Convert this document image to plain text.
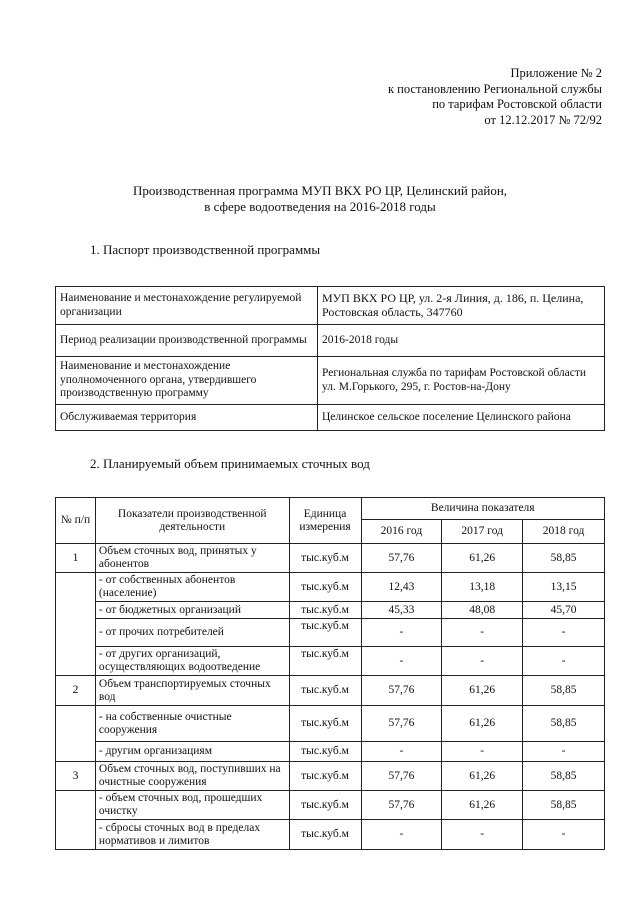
Приложение № 2
к постановлению Региональной службы
по тарифам Ростовской области
от 12.12.2017 № 72/92
Производственная программа МУП ВКХ РО ЦР, Целинский район,
в сфере водоотведения на 2016-2018 годы
1. Паспорт производственной программы
Наименование и местонахождение регулируемой организации	МУП ВКХ РО ЦР, ул. 2-я Линия, д. 186, п. Целина, Ростовская область, 347760
Период реализации производственной программы	2016-2018 годы
Наименование и местонахождение уполномоченного органа, утвердившего производственную программу	Региональная служба по тарифам Ростовской области ул. М.Горького, 295, г. Ростов-на-Дону
Обслуживаемая территория	Целинское сельское поселение Целинского района
2. Планируемый объем принимаемых сточных вод
№ п/п	Показатели производственной деятельности	Единица измерения	Величина показателя		
			2016 год	2017 год	2018 год
1	Объем сточных вод, принятых у абонентов	тыс.куб.м	57,76	61,26	58,85
	- от собственных абонентов (население)	тыс.куб.м	12,43	13,18	13,15
	- от бюджетных организаций	тыс.куб.м	45,33	48,08	45,70
	- от прочих потребителей	тыс.куб.м	-	-	-
	- от других организаций, осуществляющих водоотведение	тыс.куб.м	-	-	-
2	Объем транспортируемых сточных вод	тыс.куб.м	57,76	61,26	58,85
	- на собственные очистные сооружения	тыс.куб.м	57,76	61,26	58,85
	- другим организациям	тыс.куб.м	-	-	-
3	Объем сточных вод, поступивших на очистные сооружения	тыс.куб.м	57,76	61,26	58,85
	- объем сточных вод, прошедших очистку	тыс.куб.м	57,76	61,26	58,85
	- сбросы сточных вод в пределах нормативов и лимитов	тыс.куб.м	-	-	-
